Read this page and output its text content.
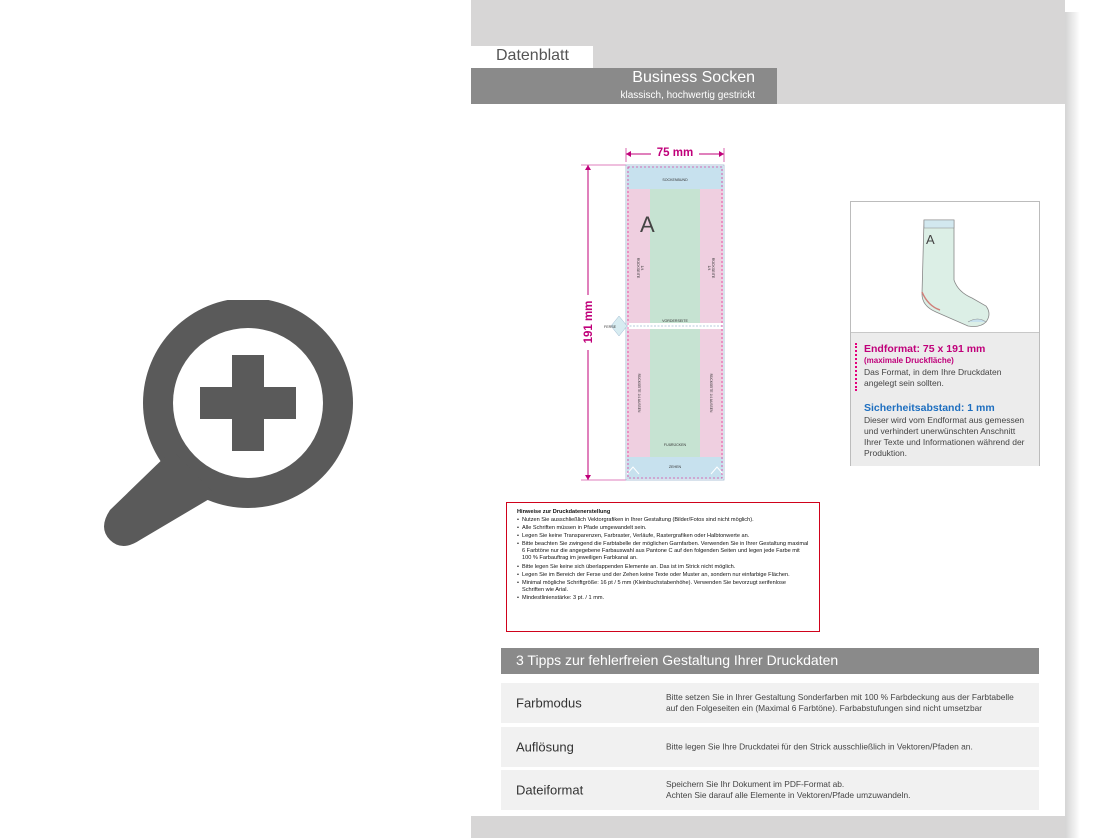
Datenblatt
Business Socken
klassisch, hochwertig gestrickt
75 mm
191 mm
SOCKENBUND
A
RÜCKSEITE 1/4	RÜCKSEITE
1/4
VORDERSEITE
FERSE
RÜCKSEITE 1/4 AUSSEN	RÜCKSEITE 1/4 AUSSEN
FUßRÜCKEN
ZEHEN
A
Endformat: 75 x 191 mm
(maximale Druckfläche)
Das Format, in dem Ihre Druckdaten angelegt sein sollten.
Sicherheitsabstand: 1 mm
Dieser wird vom Endformat aus gemessen und verhindert unerwünschten Anschnitt Ihrer Texte und Informationen während der Produktion.
Hinweise zur Druckdatenerstellung
• Nutzen Sie ausschließlich Vektorgrafiken in Ihrer Gestaltung (Bilder/Fotos sind nicht möglich).
• Alle Schriften müssen in Pfade umgewandelt sein.
• Legen Sie keine Transparenzen, Farbraster, Verläufe, Rastergrafiken oder Halbtonwerte an.
• Bitte beachten Sie zwingend die Farbtabelle der möglichen Garnfarben. Verwenden Sie in Ihrer Gestaltung maximal 6 Farbtöne nur die angegebene Farbauswahl aus Pantone C auf den folgenden Seiten und legen jede Farbe mit 100 % Farbauftrag im jeweiligen Farbkanal an.
• Bitte legen Sie keine sich überlappenden Elemente an. Das ist im Strick nicht möglich.
• Legen Sie im Bereich der Ferse und der Zehen keine Texte oder Muster an, sondern nur einfarbige Flächen.
• Minimal mögliche Schriftgröße: 16 pt / 5 mm (Kleinbuchstabenhöhe). Verwenden Sie bevorzugt serifenlose Schriften wie Arial.
• Mindestlinienstärke: 3 pt. / 1 mm.
3 Tipps zur fehlerfreien Gestaltung Ihrer Druckdaten
Farbmodus	Bitte setzen Sie in Ihrer Gestaltung Sonderfarben mit 100 % Farbdeckung aus der Farbtabelle
auf den Folgeseiten ein (Maximal 6 Farbtöne). Farbabstufungen sind nicht umsetzbar
Auflösung	Bitte legen Sie Ihre Druckdatei für den Strick ausschließlich in Vektoren/Pfaden an.
Dateiformat	Speichern Sie Ihr Dokument im PDF-Format ab.
Achten Sie darauf alle Elemente in Vektoren/Pfade umzuwandeln.
